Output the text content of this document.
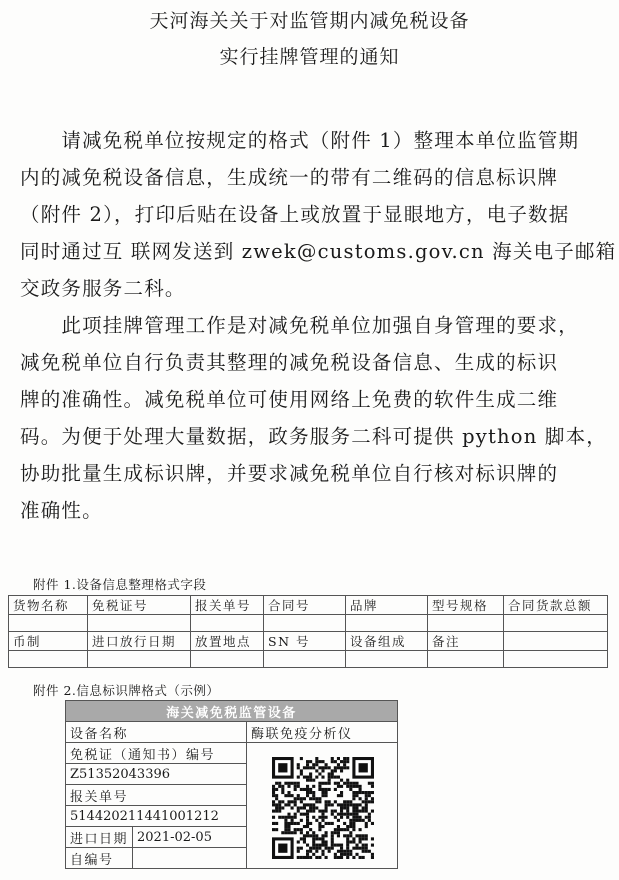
天河海关关于对监管期内减免税设备
实行挂牌管理的通知
　　请减免税单位按规定的格式（附件 1）整理本单位监管期
内的减免税设备信息，生成统一的带有二维码的信息标识牌
（附件 2），打印后贴在设备上或放置于显眼地方，电子数据
同时通过互 联网发送到 zwek@customs.gov.cn 海关电子邮箱
交政务服务二科。
　　此项挂牌管理工作是对减免税单位加强自身管理的要求，
减免税单位自行负责其整理的减免税设备信息、生成的标识
牌的准确性。减免税单位可使用网络上免费的软件生成二维
码。为便于处理大量数据，政务服务二科可提供 python 脚本，
协助批量生成标识牌，并要求减免税单位自行核对标识牌的
准确性。
附件 1.设备信息整理格式字段
货物名称	免税证号	报关单号	合同号	品牌	型号规格	合同货款总额

币制	进口放行日期	放置地点	SN 号	设备组成	备注	

附件 2.信息标识牌格式（示例）
海关减免税监管设备		
设备名称		酶联免疫分析仪
免税证（通知书）编号		
Z51352043396		
报关单号		
514420211441001212		
进口日期	2021-02-05	
自编号		
